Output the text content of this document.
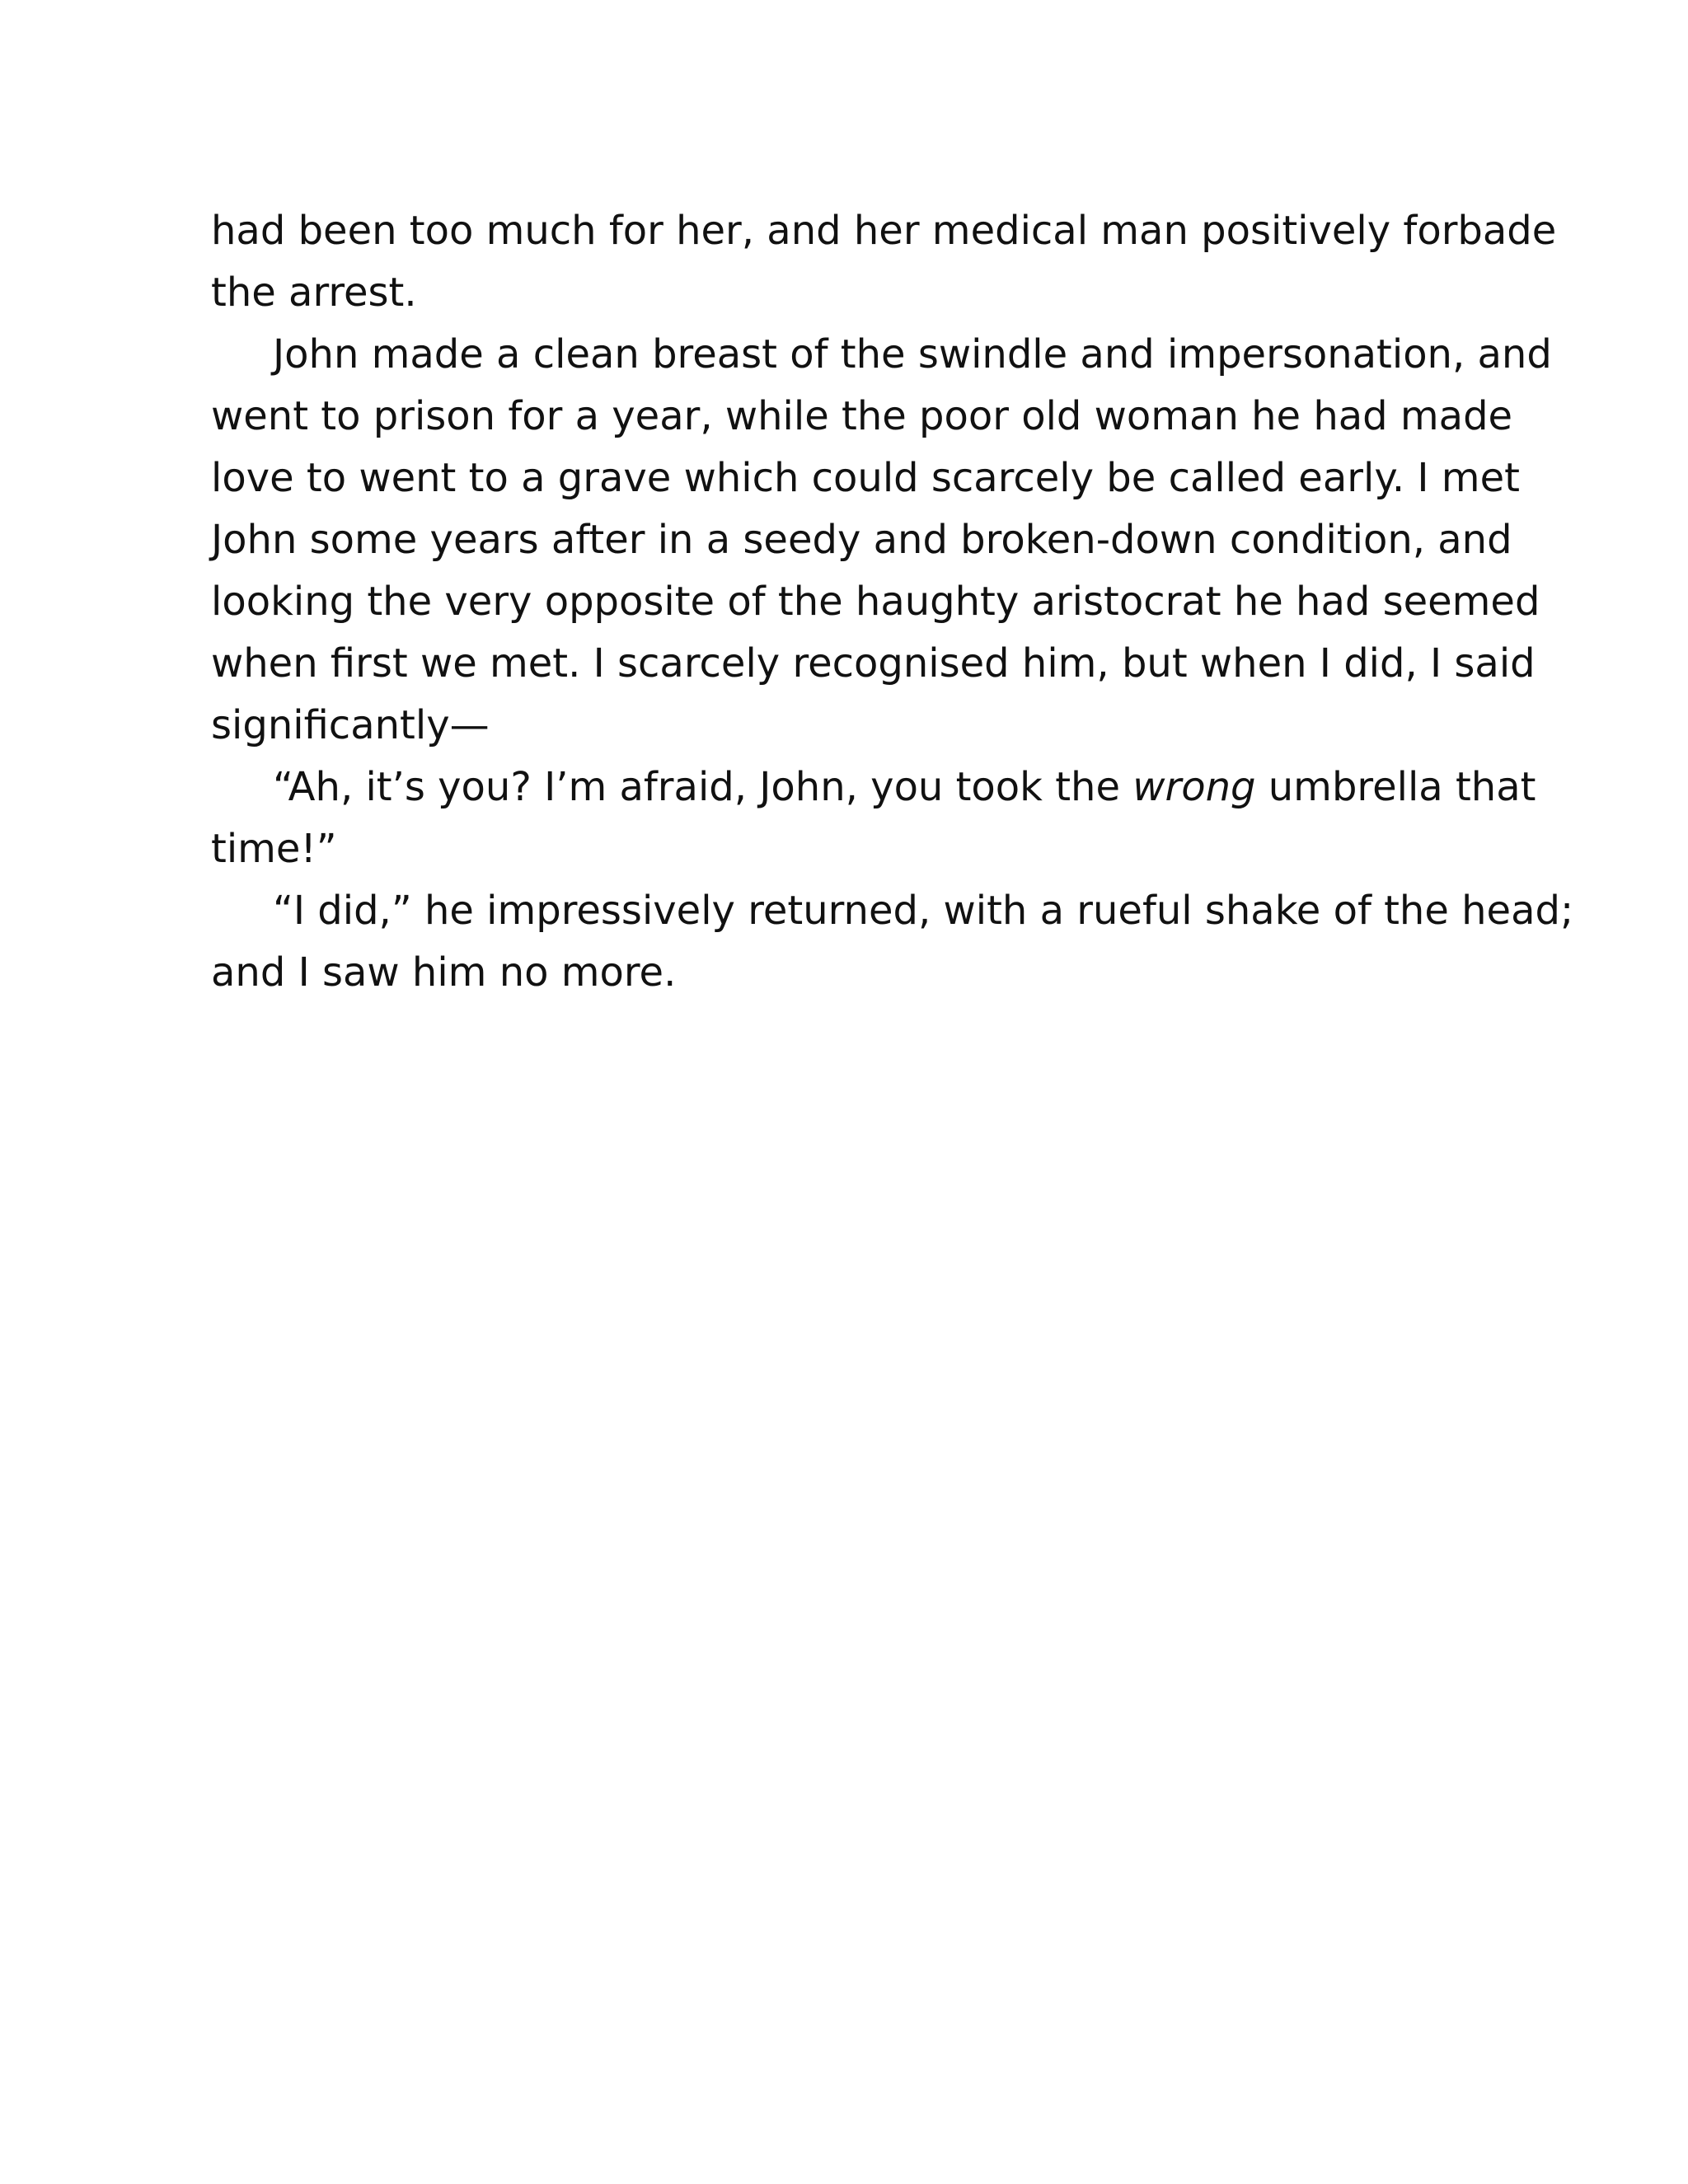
had been too much for her, and her medical man positively forbade
the arrest.
John made a clean breast of the swindle and impersonation, and
went to prison for a year, while the poor old woman he had made
love to went to a grave which could scarcely be called early. I met
John some years after in a seedy and broken-down condition, and
looking the very opposite of the haughty aristocrat he had seemed
when first we met. I scarcely recognised him, but when I did, I said
significantly—
“Ah, it’s you? I’m afraid, John, you took the wrong umbrella that
time!”
“I did,” he impressively returned, with a rueful shake of the head;
and I saw him no more.
